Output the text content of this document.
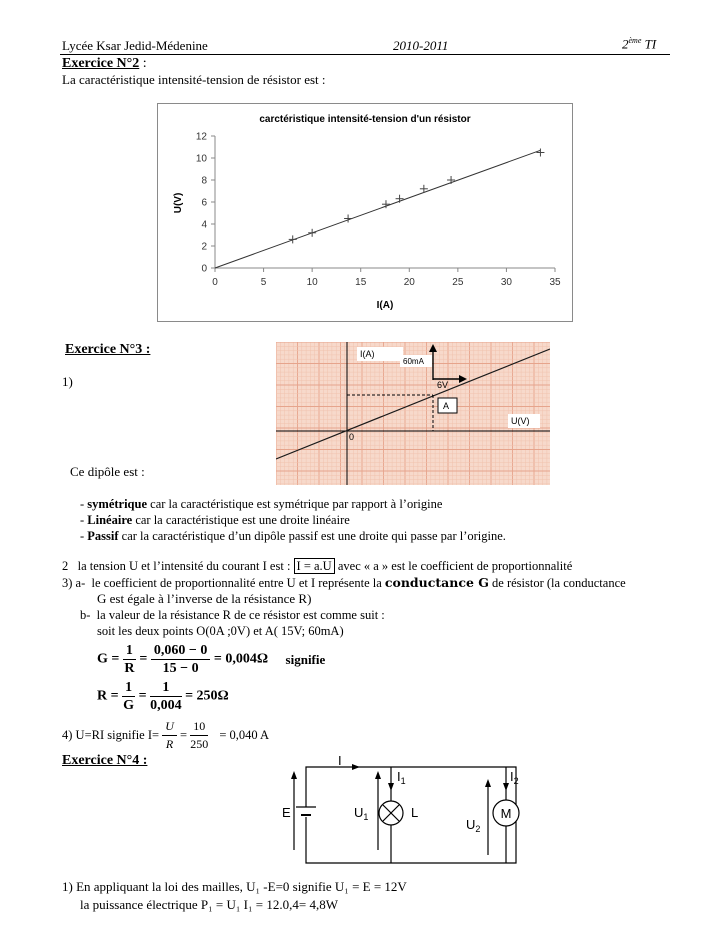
Lycée Ksar Jedid-Médenine	2010-2011	2ème TI
Exercice N°2 :
La caractéristique intensité-tension de résistor est :
carctéristique intensité-tension d'un résistor
0
2
4
6
8
10
12
0	5	10	15	20	25	30	35
I(A)
U(V)
Exercice N°3 :
1)
I(A)
60mA
6V
A
0
U(V)
Ce dipôle est :
- symétrique car la caractéristique est symétrique par rapport à l’origine
- Linéaire car la caractéristique est une droite linéaire
- Passif car la caractéristique d’un dipôle passif est une droite qui passe par l’origine.
2 la tension U et l’intensité du courant I est : I = a.U avec « a » est le coefficient de proportionnalité
3) a- le coefficient de proportionnalité entre U et I représente la conductance G de résistor (la conductance
G est égale à l’inverse de la résistance R)
b- la valeur de la résistance R de ce résistor est comme suit :
soit les deux points O(0A ;0V) et A( 15V; 60mA)
$G = \frac{1}{R} = \frac{0,060 - 0}{15 - 0} = 0,004\Omega$ signifie
$R = \frac{1}{G} = \frac{1}{0,004} = 250\Omega$
4) U=RI signifie $I= \frac{U}{R} = \frac{10}{250} = 0,040$ A
Exercice N°4 :
E
I
$I_1$	$I_2$
L
$U_1$	M
$U_2$
1) En appliquant la loi des mailles, U₁ -E=0 signifie U₁ = E = 12V
la puissance électrique P₁ = U₁ I₁ = 12.0,4= 4,8W
